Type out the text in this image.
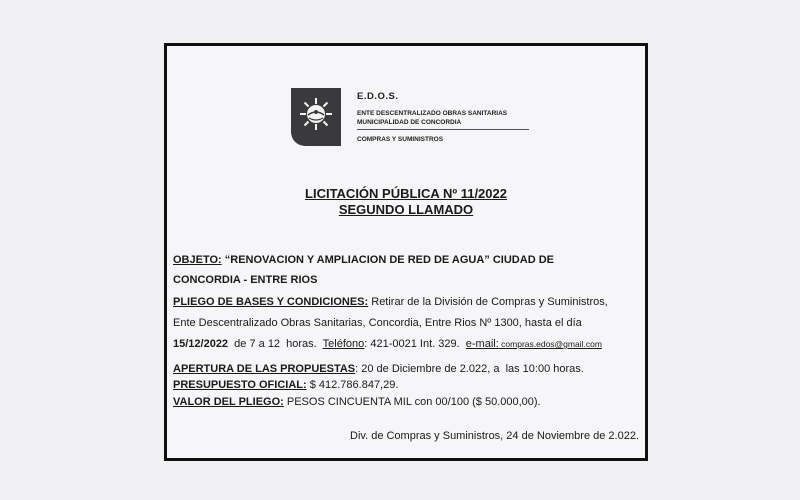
E.D.O.S.
ENTE DESCENTRALIZADO OBRAS SANITARIAS
MUNICIPALIDAD DE CONCORDIA
COMPRAS Y SUMINISTROS
LICITACIÓN PÚBLICA Nº 11/2022
SEGUNDO LLAMADO
OBJETO: “RENOVACION Y AMPLIACION DE RED DE AGUA” CIUDAD DE
CONCORDIA - ENTRE RIOS
PLIEGO DE BASES Y CONDICIONES: Retirar de la División de Compras y Suministros,
Ente Descentralizado Obras Sanitarias, Concordia, Entre Rios Nº 1300, hasta el día
15/12/2022  de 7 a 12  horas.  Teléfono: 421-0021 Int. 329.  e-mail: compras.edos@gmail.com
APERTURA DE LAS PROPUESTAS: 20 de Diciembre de 2.022, a  las 10:00 horas.
PRESUPUESTO OFICIAL: $ 412.786.847,29.
VALOR DEL PLIEGO: PESOS CINCUENTA MIL con 00/100 ($ 50.000,00).
Div. de Compras y Suministros, 24 de Noviembre de 2.022.
